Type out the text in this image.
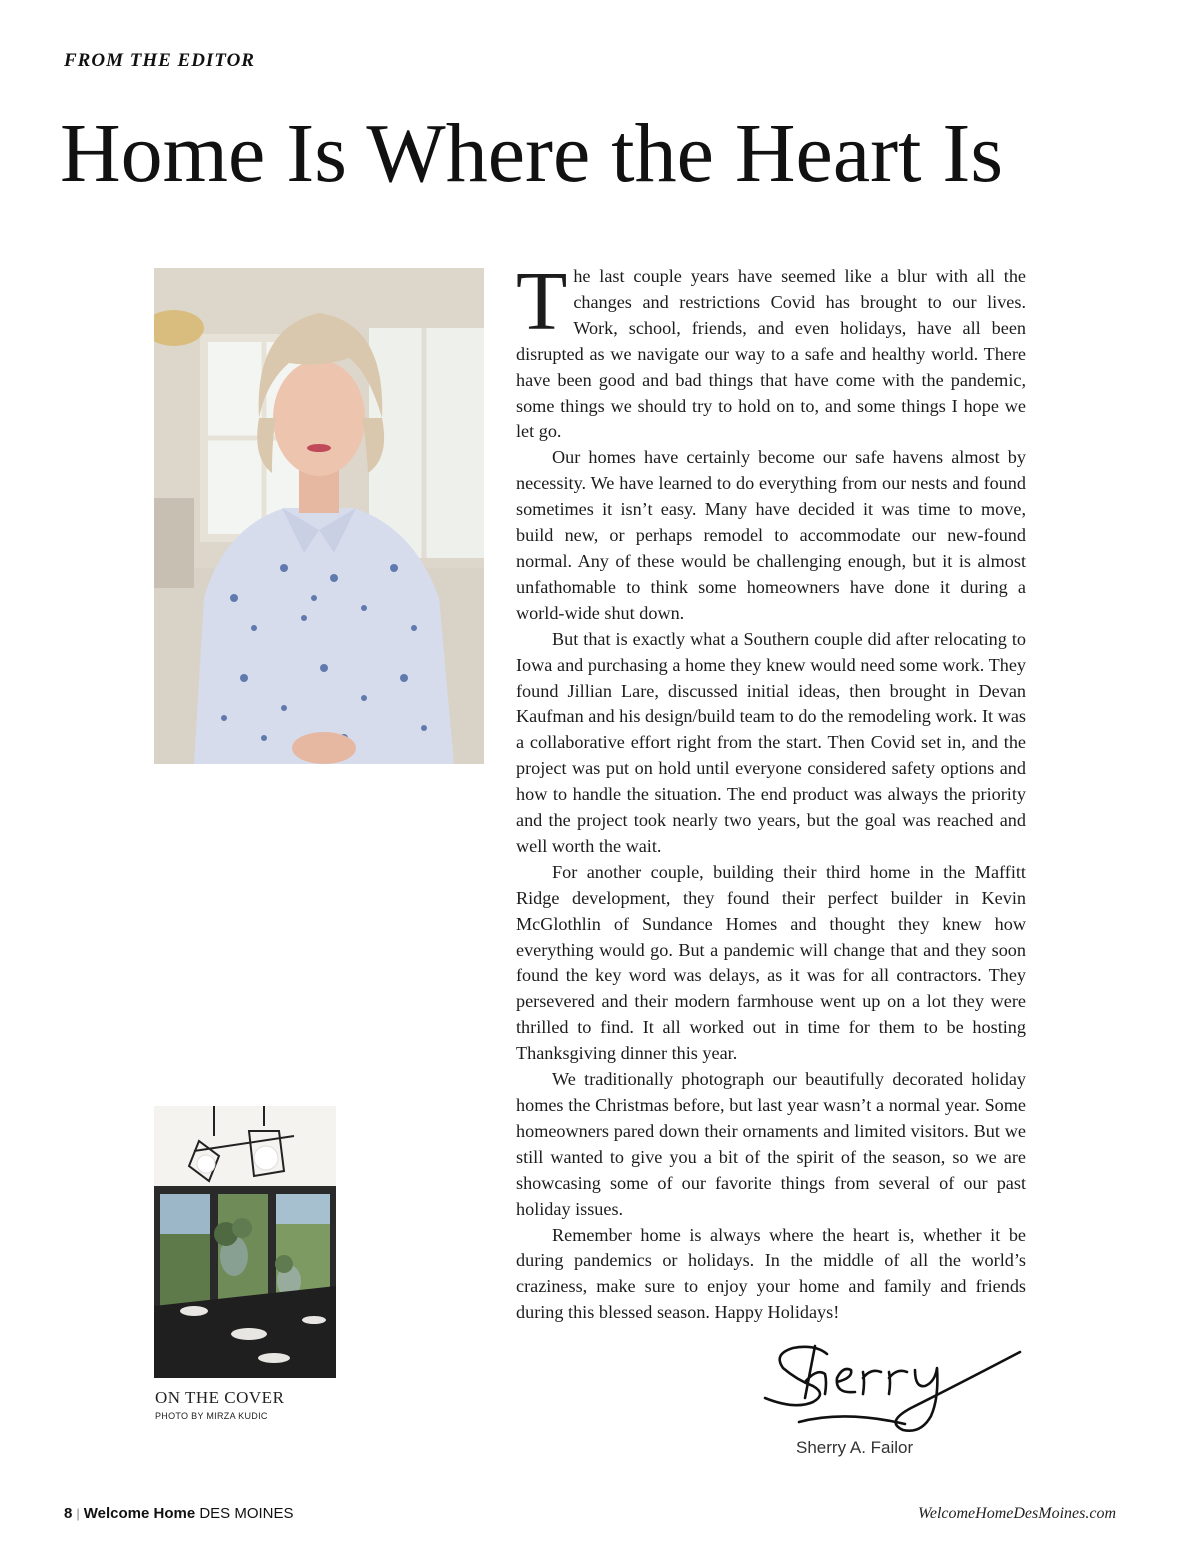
FROM THE EDITOR
Home Is Where the Heart Is

The last couple years have seemed like a blur with all the changes and restrictions Covid has brought to our lives. Work, school, friends, and even holidays, have all been disrupted as we navigate our way to a safe and healthy world. There have been good and bad things that have come with the pandemic, some things we should try to hold on to, and some things I hope we let go.

Our homes have certainly become our safe havens almost by necessity. We have learned to do everything from our nests and found sometimes it isn’t easy. Many have decided it was time to move, build new, or perhaps remodel to accommodate our new-found normal. Any of these would be challenging enough, but it is almost unfathomable to think some homeowners have done it during a world-wide shut down.

But that is exactly what a Southern couple did after relocating to Iowa and purchasing a home they knew would need some work. They found Jillian Lare, discussed initial ideas, then brought in Devan Kaufman and his design/build team to do the remodeling work. It was a collaborative effort right from the start. Then Covid set in, and the project was put on hold until everyone considered safety options and how to handle the situation. The end product was always the priority and the project took nearly two years, but the goal was reached and well worth the wait.

For another couple, building their third home in the Maffitt Ridge development, they found their perfect builder in Kevin McGlothlin of Sundance Homes and thought they knew how everything would go. But a pandemic will change that and they soon found the key word was delays, as it was for all contractors. They persevered and their modern farmhouse went up on a lot they were thrilled to find. It all worked out in time for them to be hosting Thanksgiving dinner this year.

We traditionally photograph our beautifully decorated holiday homes the Christmas before, but last year wasn’t a normal year. Some homeowners pared down their ornaments and limited visitors. But we still wanted to give you a bit of the spirit of the season, so we are showcasing some of our favorite things from several of our past holiday issues.

Remember home is always where the heart is, whether it be during pandemics or holidays. In the middle of all the world’s craziness, make sure to enjoy your home and family and friends during this blessed season. Happy Holidays!

ON THE COVER
PHOTO BY MIRZA KUDIC
Sherry A. Failor
8 | Welcome Home DES MOINES	WelcomeHomeDesMoines.com
